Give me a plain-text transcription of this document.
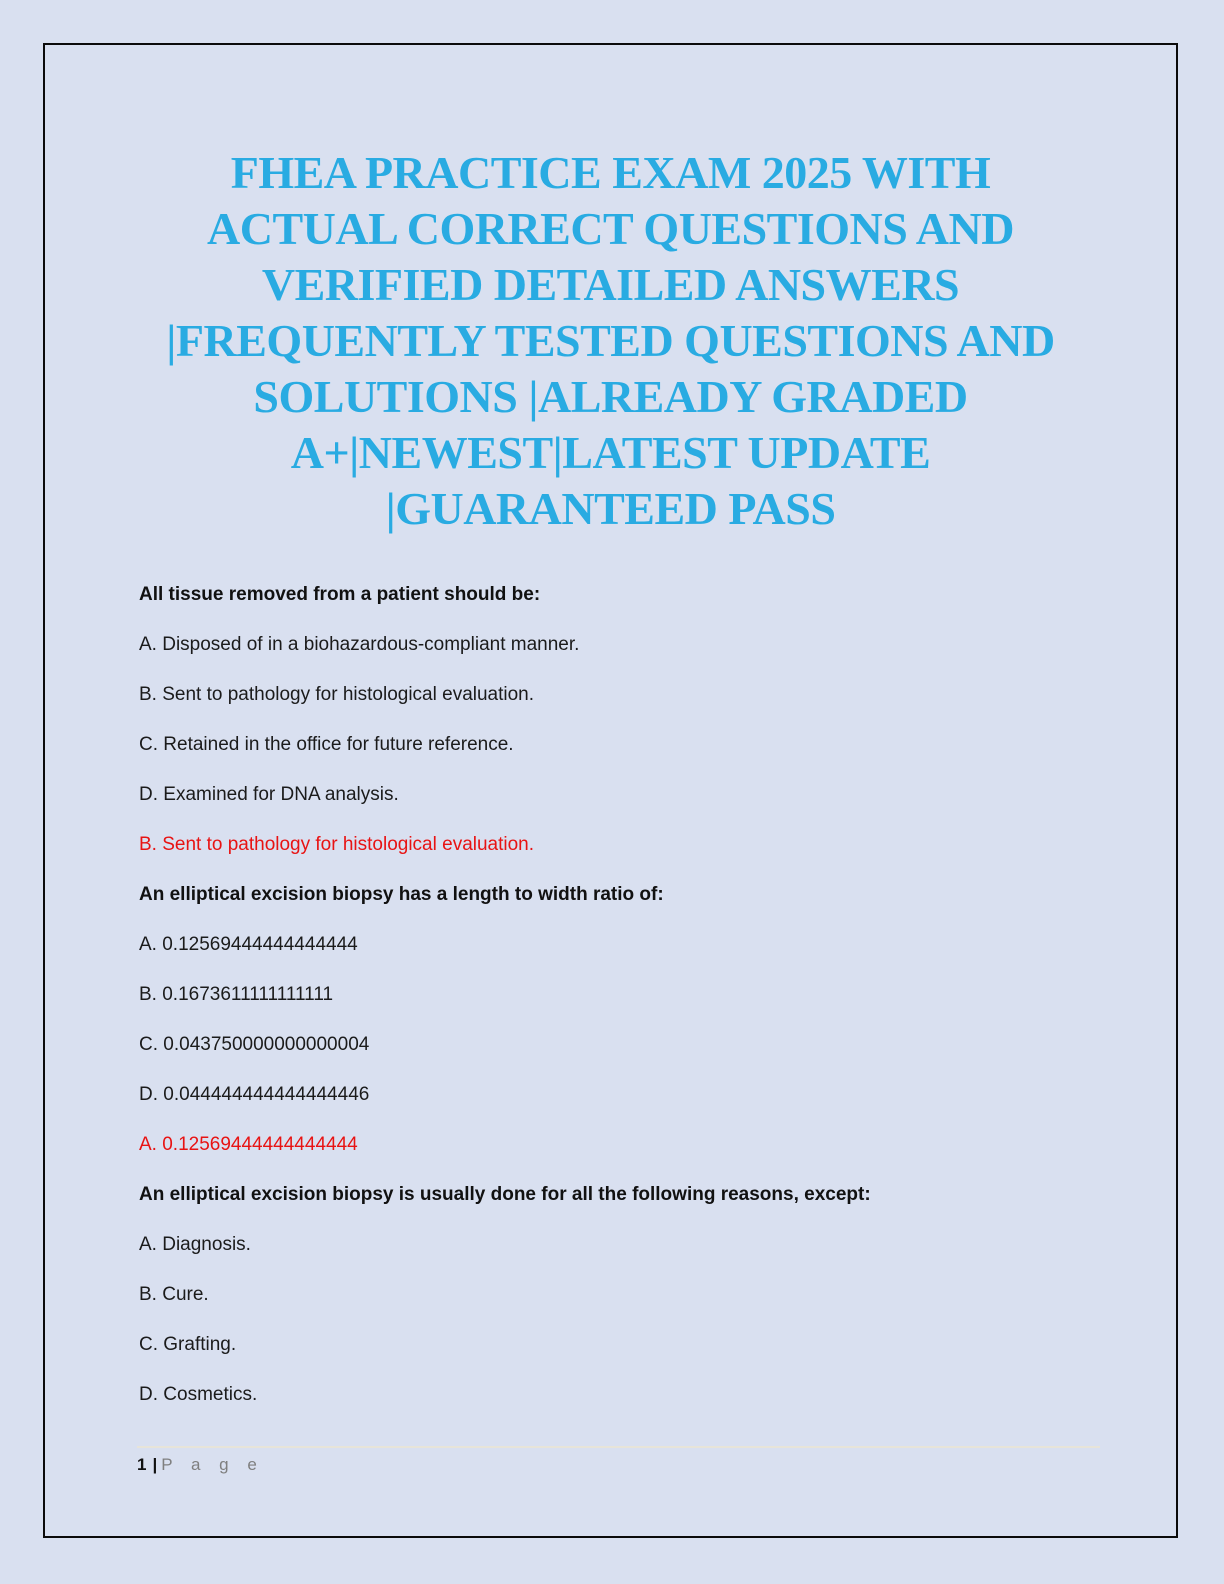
FHEA PRACTICE EXAM 2025 WITH
ACTUAL CORRECT QUESTIONS AND
VERIFIED DETAILED ANSWERS
|FREQUENTLY TESTED QUESTIONS AND
SOLUTIONS |ALREADY GRADED
A+|NEWEST|LATEST UPDATE
|GUARANTEED PASS

All tissue removed from a patient should be:

A. Disposed of in a biohazardous-compliant manner.

B. Sent to pathology for histological evaluation.

C. Retained in the office for future reference.

D. Examined for DNA analysis.

B. Sent to pathology for histological evaluation.

An elliptical excision biopsy has a length to width ratio of:

A. 0.12569444444444444

B. 0.1673611111111111

C. 0.043750000000000004

D. 0.044444444444444446

A. 0.12569444444444444

An elliptical excision biopsy is usually done for all the following reasons, except:

A. Diagnosis.

B. Cure.

C. Grafting.

D. Cosmetics.

1 | P a g e
